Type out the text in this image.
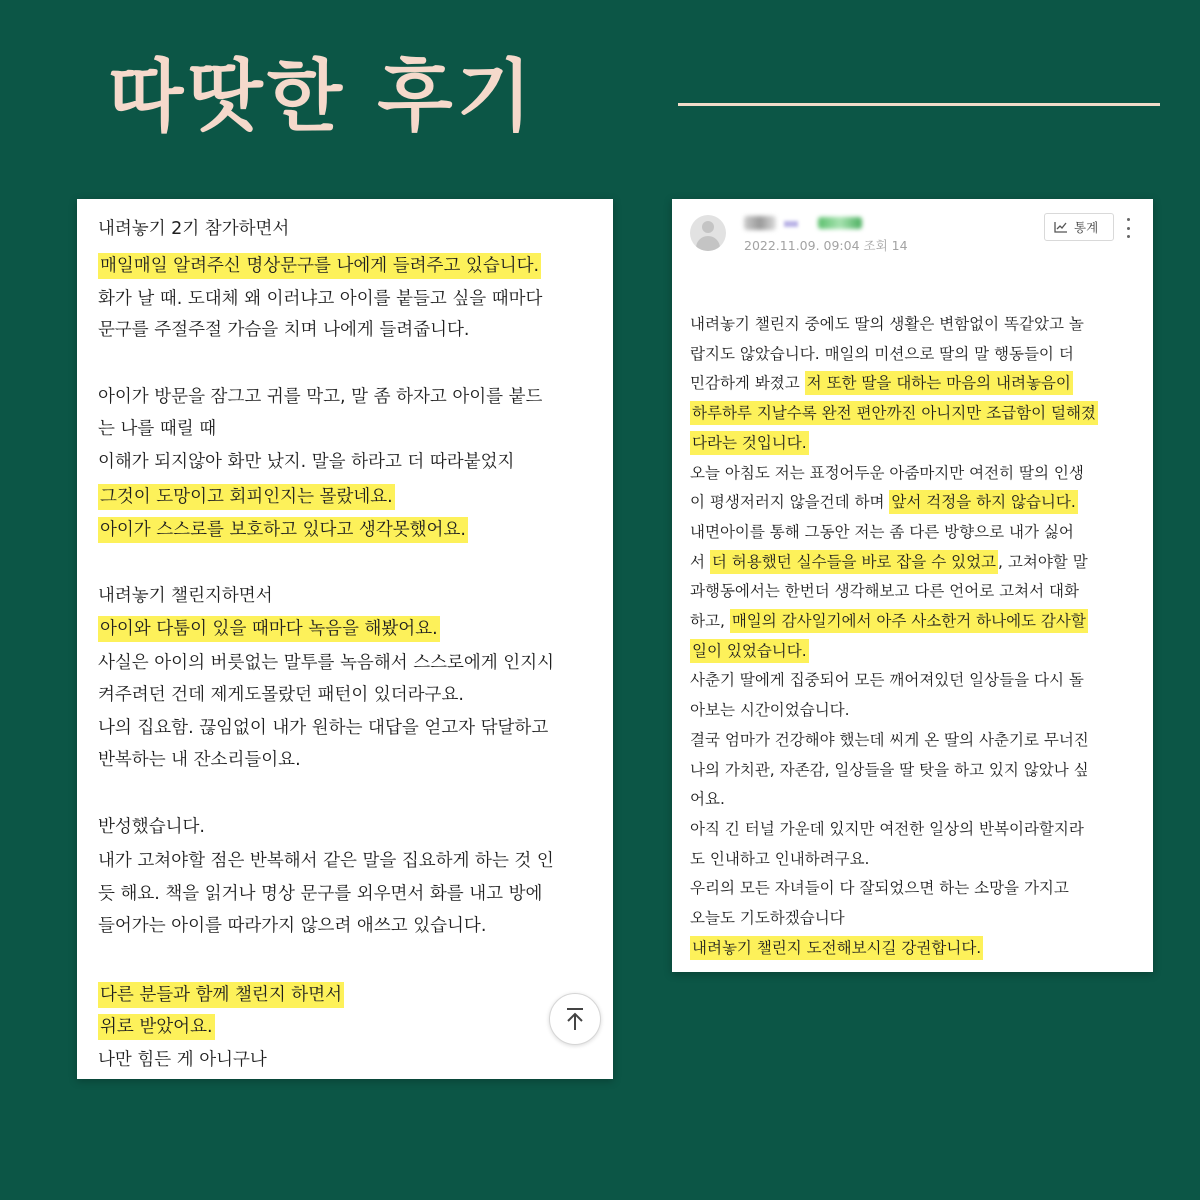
따땃한 후기
내려놓기 2기 참가하면서
매일매일 알려주신 명상문구를 나에게 들려주고 있습니다.
화가 날 때. 도대체 왜 이러냐고 아이를 붙들고 싶을 때마다
문구를 주절주절 가슴을 치며 나에게 들려줍니다.
아이가 방문을 잠그고 귀를 막고, 말 좀 하자고 아이를 붙드
는 나를 때릴 때
이해가 되지않아 화만 났지. 말을 하라고 더 따라붙었지
그것이 도망이고 회피인지는 몰랐네요.
아이가 스스로를 보호하고 있다고 생각못했어요.
내려놓기 챌린지하면서
아이와 다툼이 있을 때마다 녹음을 해봤어요.
사실은 아이의 버릇없는 말투를 녹음해서 스스로에게 인지시
켜주려던 건데 제게도몰랐던 패턴이 있더라구요.
나의 집요함. 끊임없이 내가 원하는 대답을 얻고자 닦달하고
반복하는 내 잔소리들이요.
반성했습니다.
내가 고쳐야할 점은 반복해서 같은 말을 집요하게 하는 것 인
듯 해요. 책을 읽거나 명상 문구를 외우면서 화를 내고 방에
들어가는 아이를 따라가지 않으려 애쓰고 있습니다.
다른 분들과 함께 챌린지 하면서
위로 받았어요.
나만 힘든 게 아니구나
2022.11.09. 09:04 조회 14
통계
내려놓기 챌린지 중에도 딸의 생활은 변함없이 똑같았고 놀
랍지도 않았습니다. 매일의 미션으로 딸의 말 행동들이 더
민감하게 봐졌고 저 또한 딸을 대하는 마음의 내려놓음이
하루하루 지날수록 완전 편안까진 아니지만 조급함이 덜해졌
다라는 것입니다.
오늘 아침도 저는 표정어두운 아줌마지만 여전히 딸의 인생
이 평생저러지 않을건데 하며 앞서 걱정을 하지 않습니다.
내면아이를 통해 그동안 저는 좀 다른 방향으로 내가 싫어
서 더 허용했던 실수들을 바로 잡을 수 있었고 , 고쳐야할 말
과행동에서는 한번더 생각해보고 다른 언어로 고쳐서 대화
하고, 매일의 감사일기에서 아주 사소한거 하나에도 감사할
일이 있었습니다.
사춘기 딸에게 집중되어 모든 깨어져있던 일상들을 다시 돌
아보는 시간이었습니다.
결국 엄마가 건강해야 했는데 씨게 온 딸의 사춘기로 무너진
나의 가치관, 자존감, 일상들을 딸 탓을 하고 있지 않았나 싶
어요.
아직 긴 터널 가운데 있지만 여전한 일상의 반복이라할지라
도 인내하고 인내하려구요.
우리의 모든 자녀들이 다 잘되었으면 하는 소망을 가지고
오늘도 기도하겠습니다
내려놓기 챌린지 도전해보시길 강권합니다.
